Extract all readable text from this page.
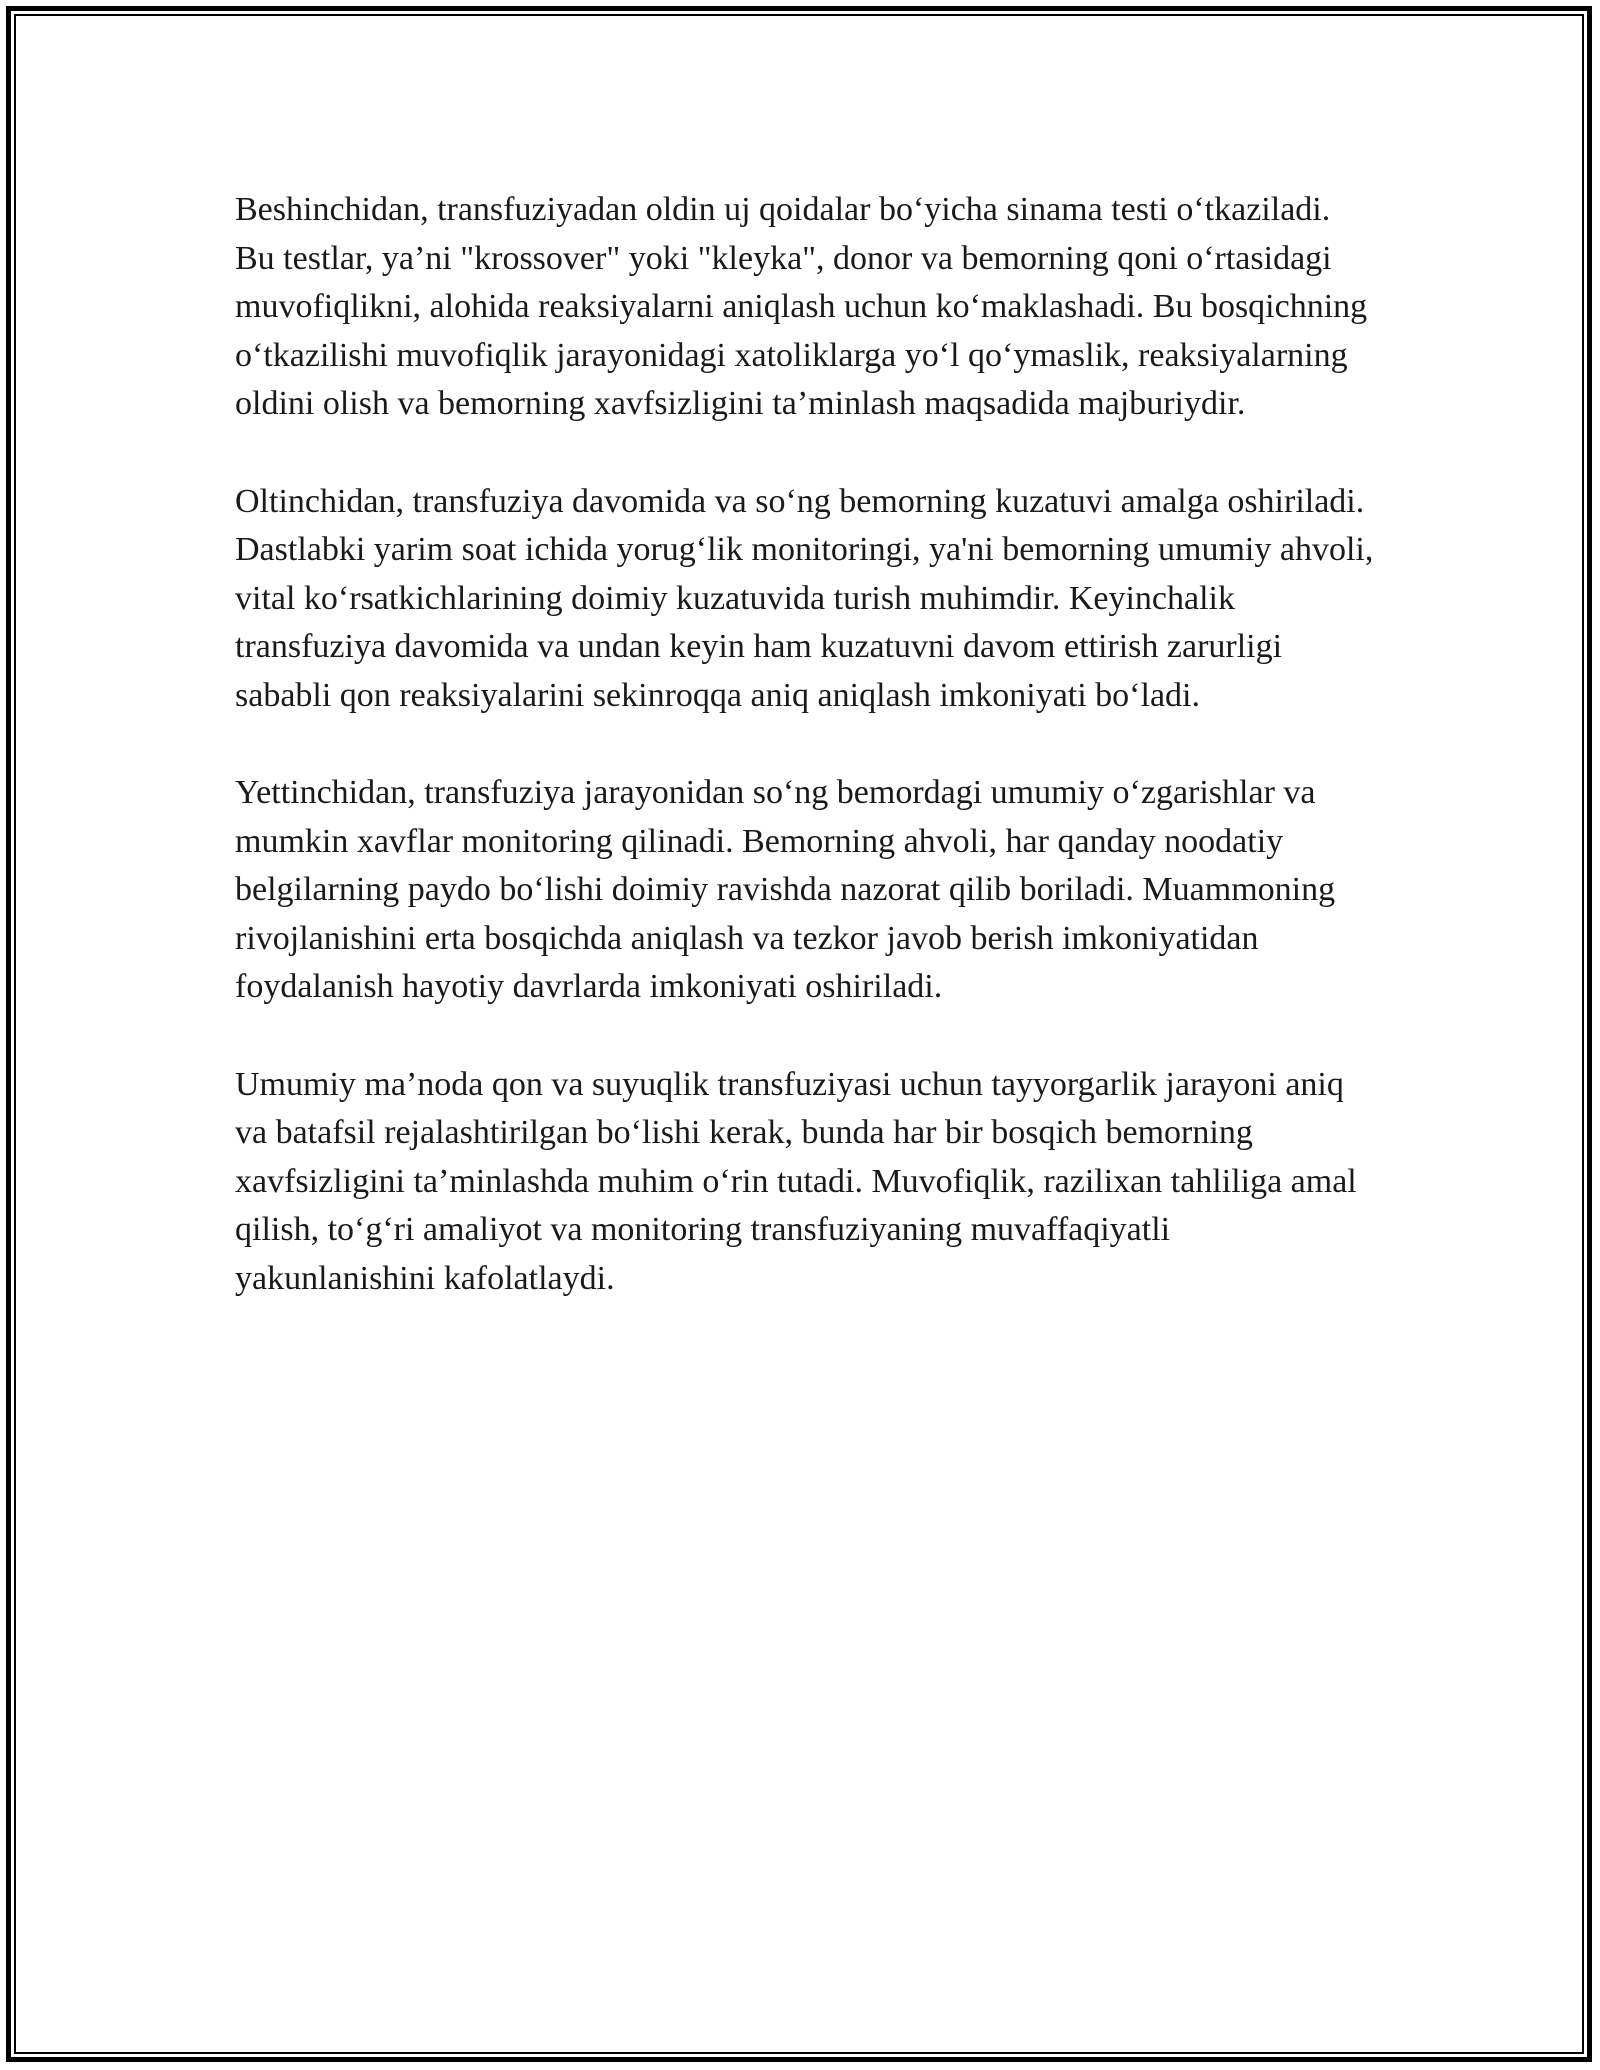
Beshinchidan, transfuziyadan oldin uj qoidalar bo‘yicha sinama testi o‘tkaziladi. Bu testlar, ya’ni "krossover" yoki "kleyka", donor va bemorning qoni o‘rtasidagi muvofiqlikni, alohida reaksiyalarni aniqlash uchun ko‘maklashadi. Bu bosqichning o‘tkazilishi muvofiqlik jarayonidagi xatoliklarga yo‘l qo‘ymaslik, reaksiyalarning oldini olish va bemorning xavfsizligini ta’minlash maqsadida majburiydir.

Oltinchidan, transfuziya davomida va so‘ng bemorning kuzatuvi amalga oshiriladi. Dastlabki yarim soat ichida yorug‘lik monitoringi, ya'ni bemorning umumiy ahvoli, vital ko‘rsatkichlarining doimiy kuzatuvida turish muhimdir. Keyinchalik transfuziya davomida va undan keyin ham kuzatuvni davom ettirish zarurligi sababli qon reaksiyalarini sekinroqqa aniq aniqlash imkoniyati bo‘ladi.

Yettinchidan, transfuziya jarayonidan so‘ng bemordagi umumiy o‘zgarishlar va mumkin xavflar monitoring qilinadi. Bemorning ahvoli, har qanday noodatiy belgilarning paydo bo‘lishi doimiy ravishda nazorat qilib boriladi. Muammoning rivojlanishini erta bosqichda aniqlash va tezkor javob berish imkoniyatidan foydalanish hayotiy davrlarda imkoniyati oshiriladi.

Umumiy ma’noda qon va suyuqlik transfuziyasi uchun tayyorgarlik jarayoni aniq va batafsil rejalashtirilgan bo‘lishi kerak, bunda har bir bosqich bemorning xavfsizligini ta’minlashda muhim o‘rin tutadi. Muvofiqlik, razilixan tahliliga amal qilish, to‘g‘ri amaliyot va monitoring transfuziyaning muvaffaqiyatli yakunlanishini kafolatlaydi.
